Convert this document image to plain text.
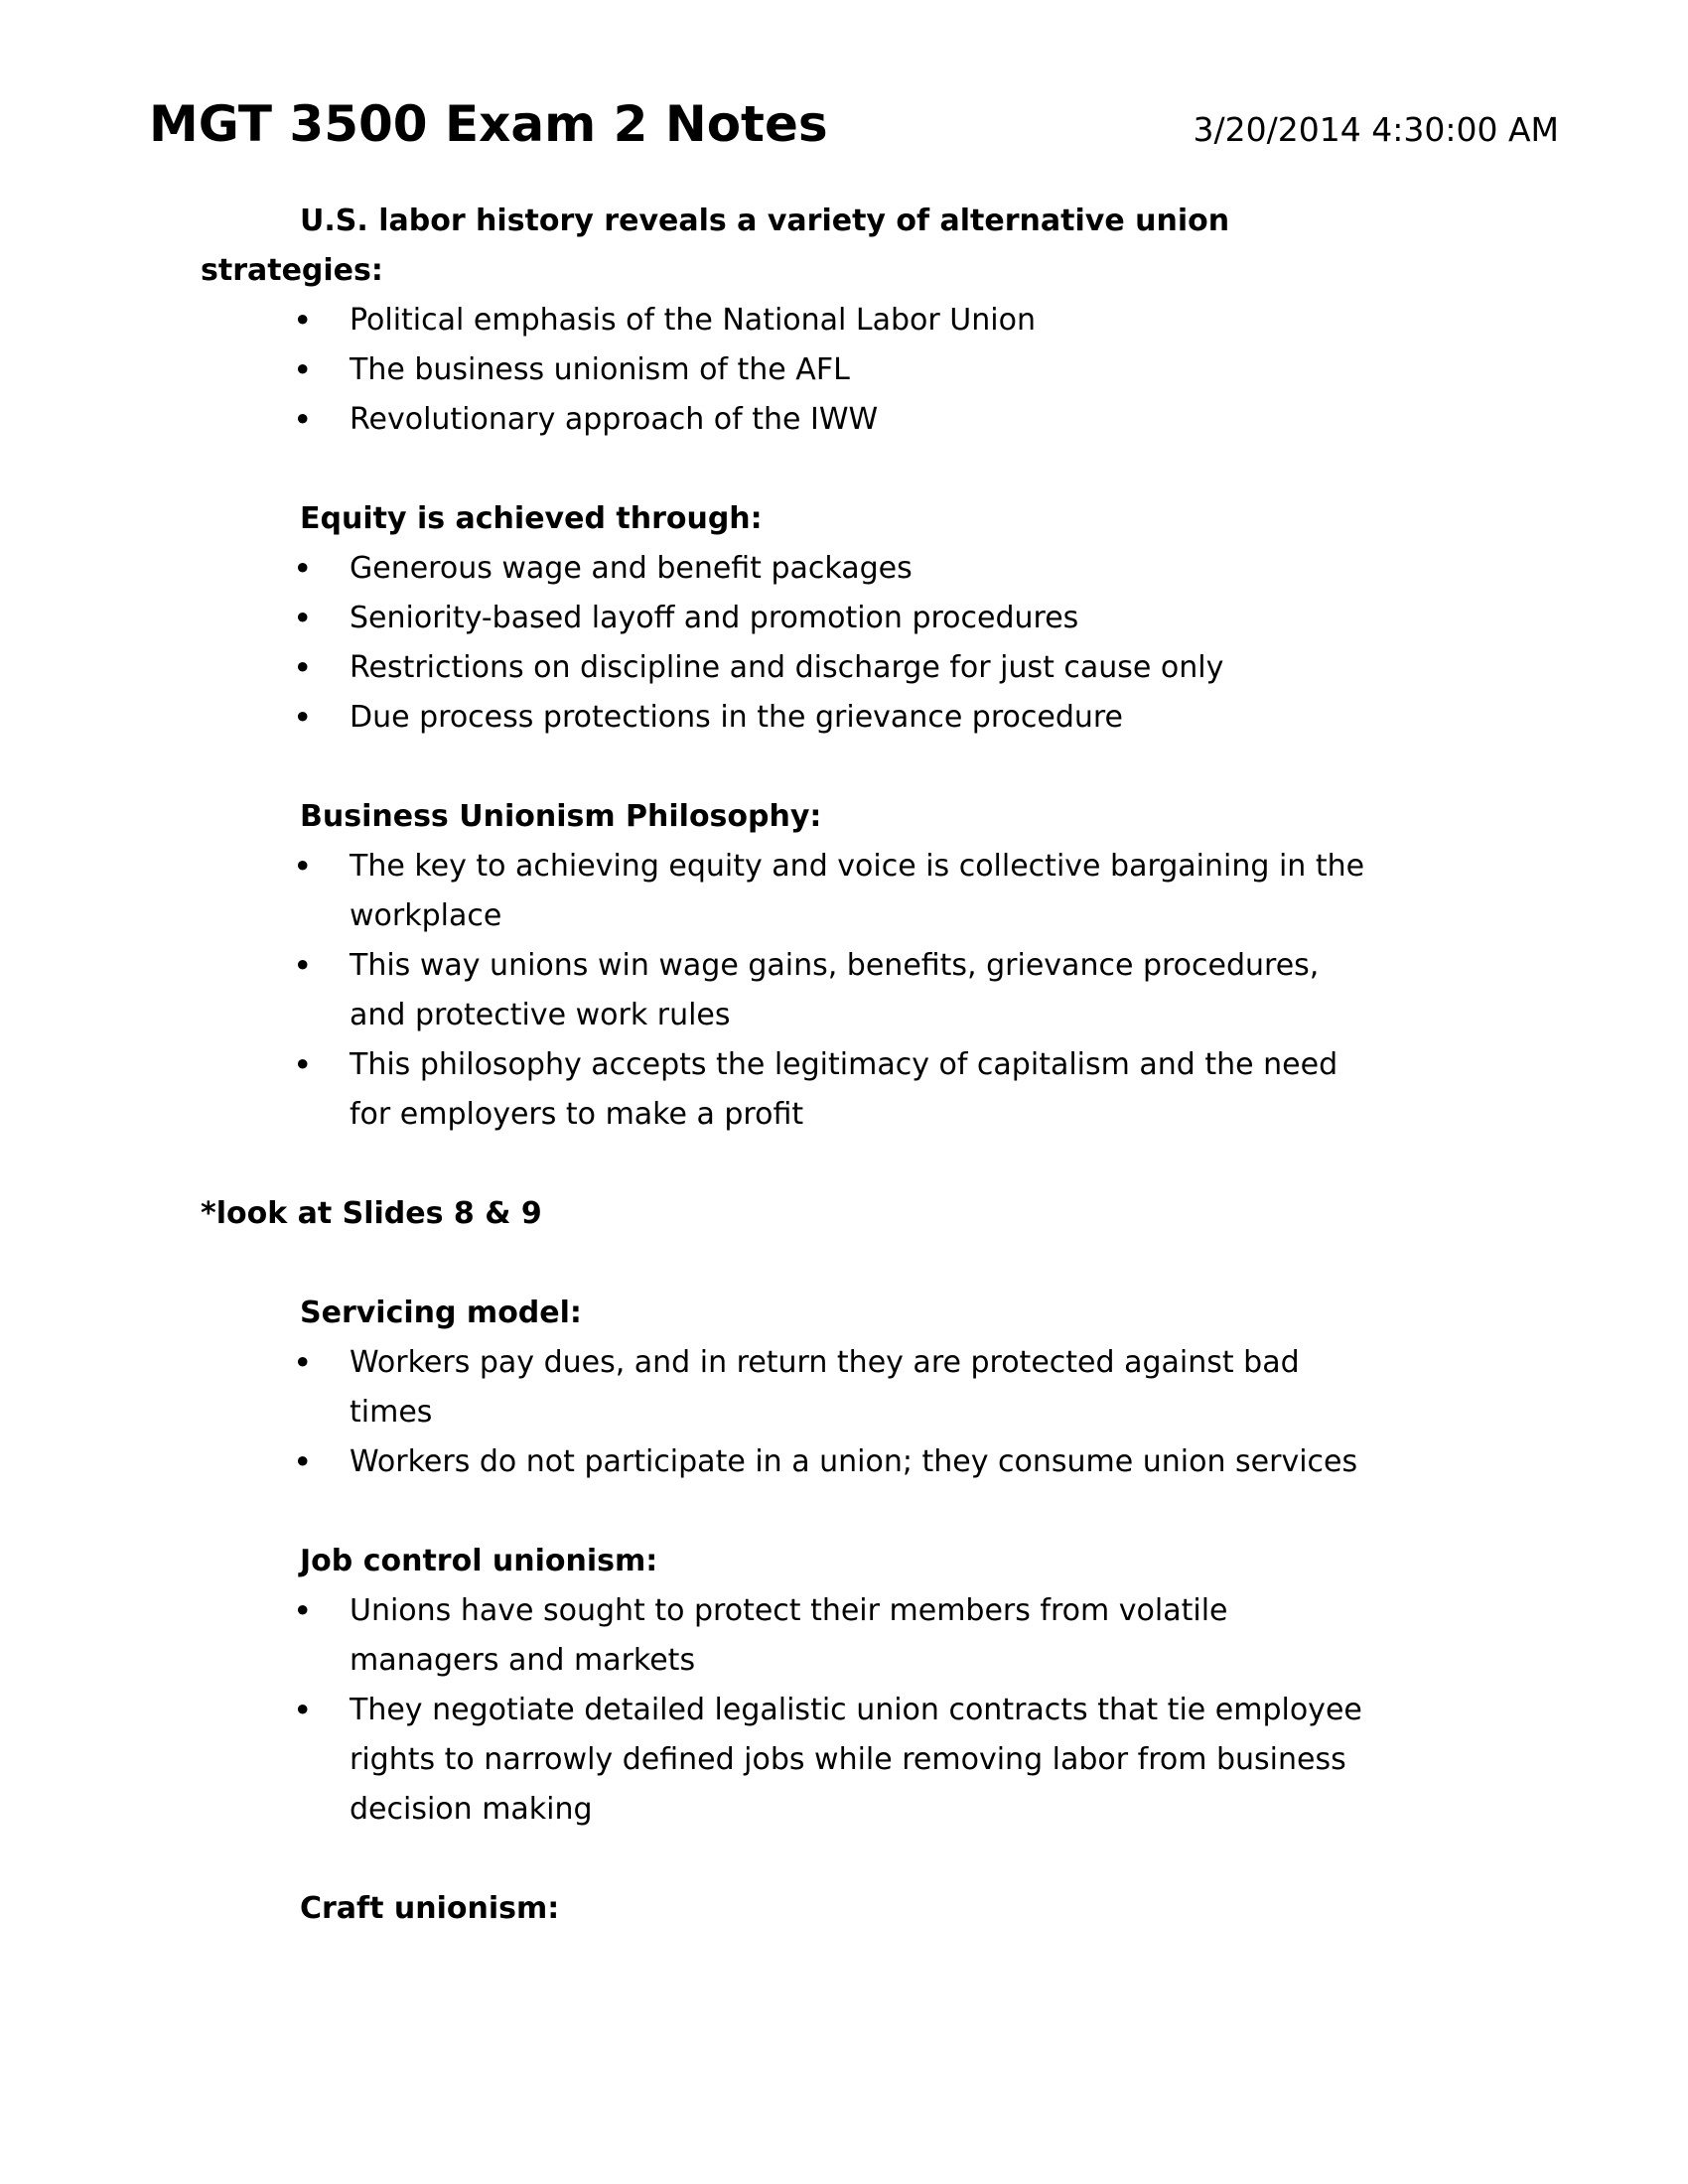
MGT 3500 Exam 2 Notes	3/20/2014 4:30:00 AM
U.S. labor history reveals a variety of alternative union
strategies:
•	Political emphasis of the National Labor Union
•	The business unionism of the AFL
•	Revolutionary approach of the IWW
Equity is achieved through:
•	Generous wage and benefit packages
•	Seniority-based layoff and promotion procedures
•	Restrictions on discipline and discharge for just cause only
•	Due process protections in the grievance procedure
Business Unionism Philosophy:
•	The key to achieving equity and voice is collective bargaining in the
workplace
•	This way unions win wage gains, benefits, grievance procedures,
and protective work rules
•	This philosophy accepts the legitimacy of capitalism and the need
for employers to make a profit
*look at Slides 8 & 9
Servicing model:
•	Workers pay dues, and in return they are protected against bad
times
•	Workers do not participate in a union; they consume union services
Job control unionism:
•	Unions have sought to protect their members from volatile
managers and markets
•	They negotiate detailed legalistic union contracts that tie employee
rights to narrowly defined jobs while removing labor from business
decision making
Craft unionism:
